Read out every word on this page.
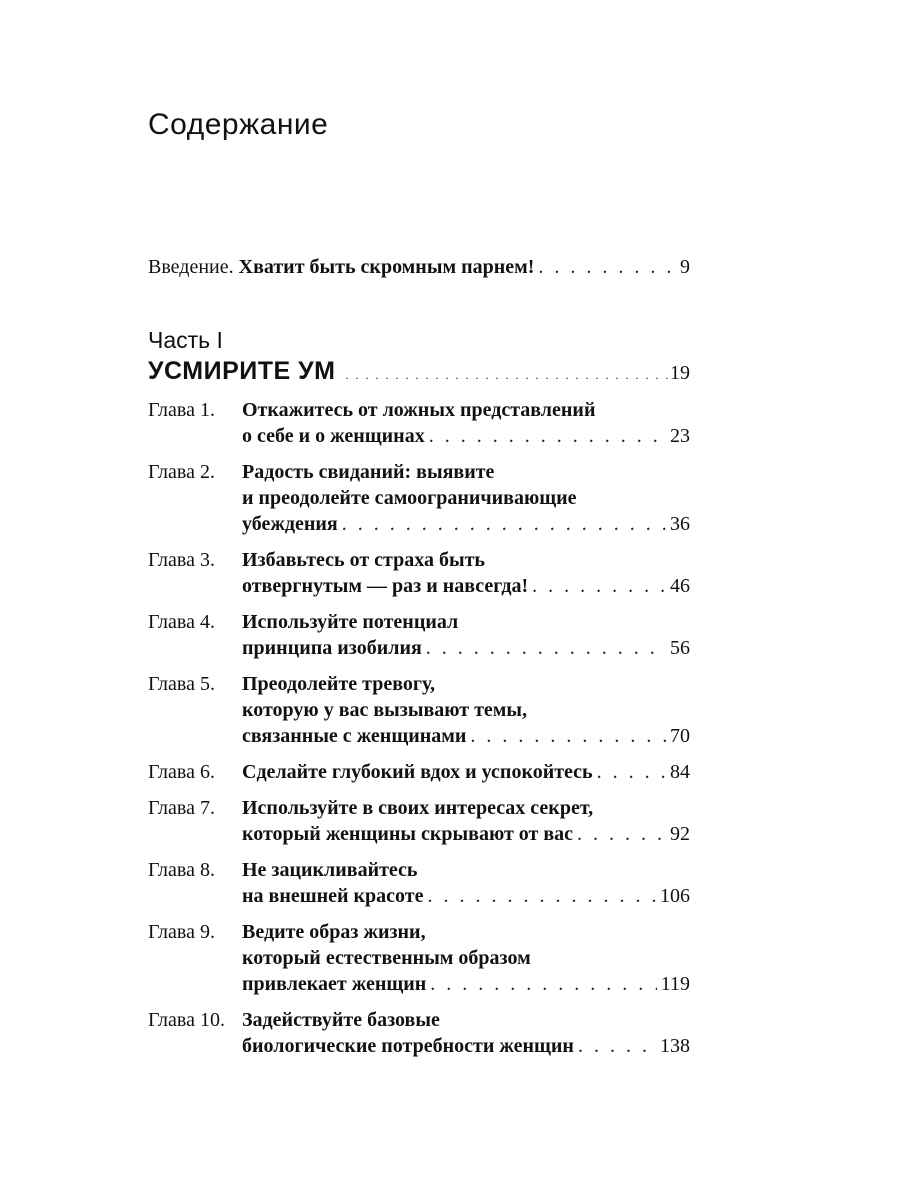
Содержание
Введение. Хватит быть скромным парнем! . . .	9
Часть I
УСМИРИТЕ УМ . . .	19
Глава 1.	Откажитесь от ложных представлений
о себе и о женщинах . . .	23
Глава 2.	Радость свиданий: выявите
и преодолейте самоограничивающие
убеждения . . .	36
Глава 3.	Избавьтесь от страха быть
отвергнутым — раз и навсегда! . . .	46
Глава 4.	Используйте потенциал
принципа изобилия . . .	56
Глава 5.	Преодолейте тревогу,
которую у вас вызывают темы,
связанные с женщинами . . .	70
Глава 6.	Сделайте глубокий вдох и успокойтесь . . .	84
Глава 7.	Используйте в своих интересах секрет,
который женщины скрывают от вас . . .	92
Глава 8.	Не зацикливайтесь
на внешней красоте . . .	106
Глава 9.	Ведите образ жизни,
который естественным образом
привлекает женщин . . .	119
Глава 10. Задействуйте базовые
биологические потребности женщин . . .	138
